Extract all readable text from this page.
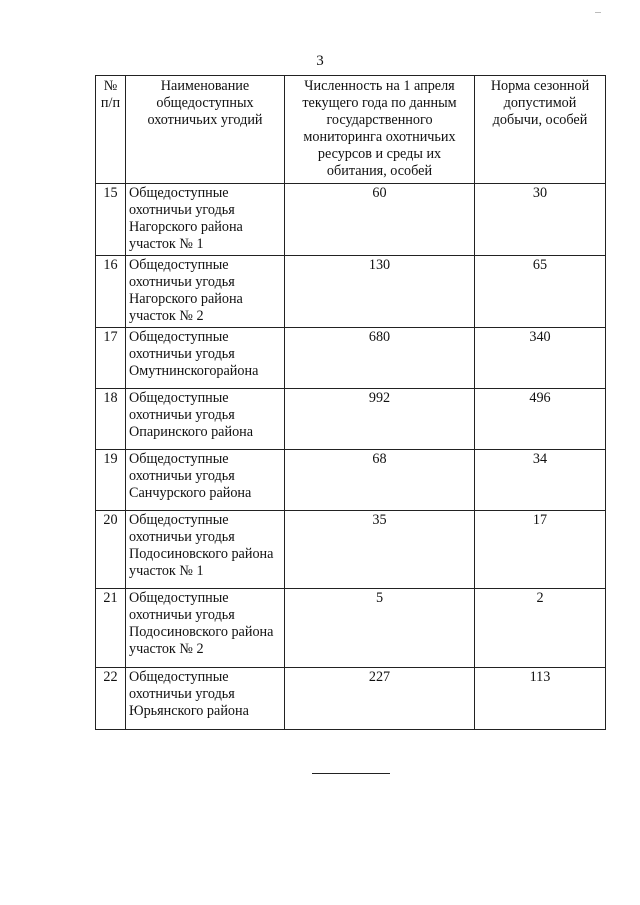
3
№ п/п	Наименование общедоступных охотничьих угодий	Численность на 1 апреля текущего года по данным государственного мониторинга охотничьих ресурсов и среды их обитания, особей	Норма сезонной допустимой добычи, особей
15	Общедоступные охотничьи угодья Нагорского района участок № 1	60	30
16	Общедоступные охотничьи угодья Нагорского района участок № 2	130	65
17	Общедоступные охотничьи угодья Омутнинскогорайона	680	340
18	Общедоступные охотничьи угодья Опаринского района	992	496
19	Общедоступные охотничьи угодья Санчурского района	68	34
20	Общедоступные охотничьи угодья Подосиновского района участок № 1	35	17
21	Общедоступные охотничьи угодья Подосиновского района участок № 2	5	2
22	Общедоступные охотничьи угодья Юрьянского района	227	113
